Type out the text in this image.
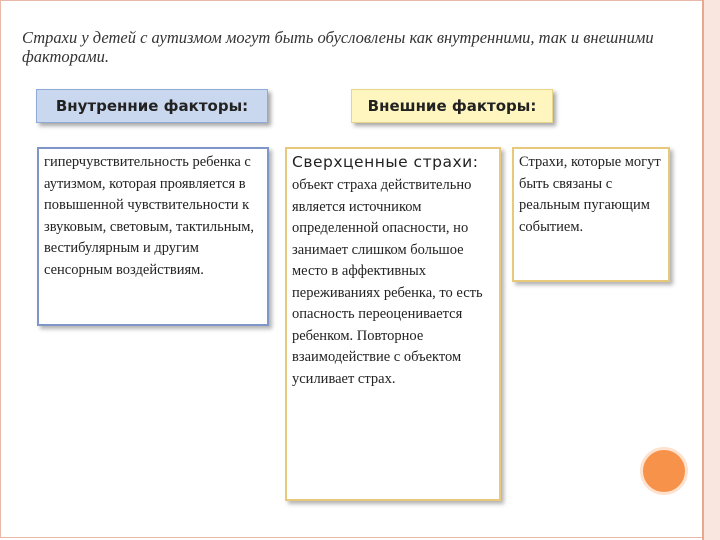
Страхи у детей с аутизмом могут быть обусловлены как внутренними, так и внешними факторами.
Внутренние факторы:	Внешние факторы:
гиперчувствительность ребенка с аутизмом, которая проявляется в повышенной чувствительности к звуковым, световым, тактильным, вестибулярным и другим сенсорным воздействиям.
Сверхценные страхи:
объект страха действительно является источником определенной опасности, но занимает слишком большое место в аффективных переживаниях ребенка, то есть опасность переоценивается ребенком. Повторное взаимодействие с объектом усиливает страх.
Страхи, которые могут быть связаны с реальным пугающим событием.
